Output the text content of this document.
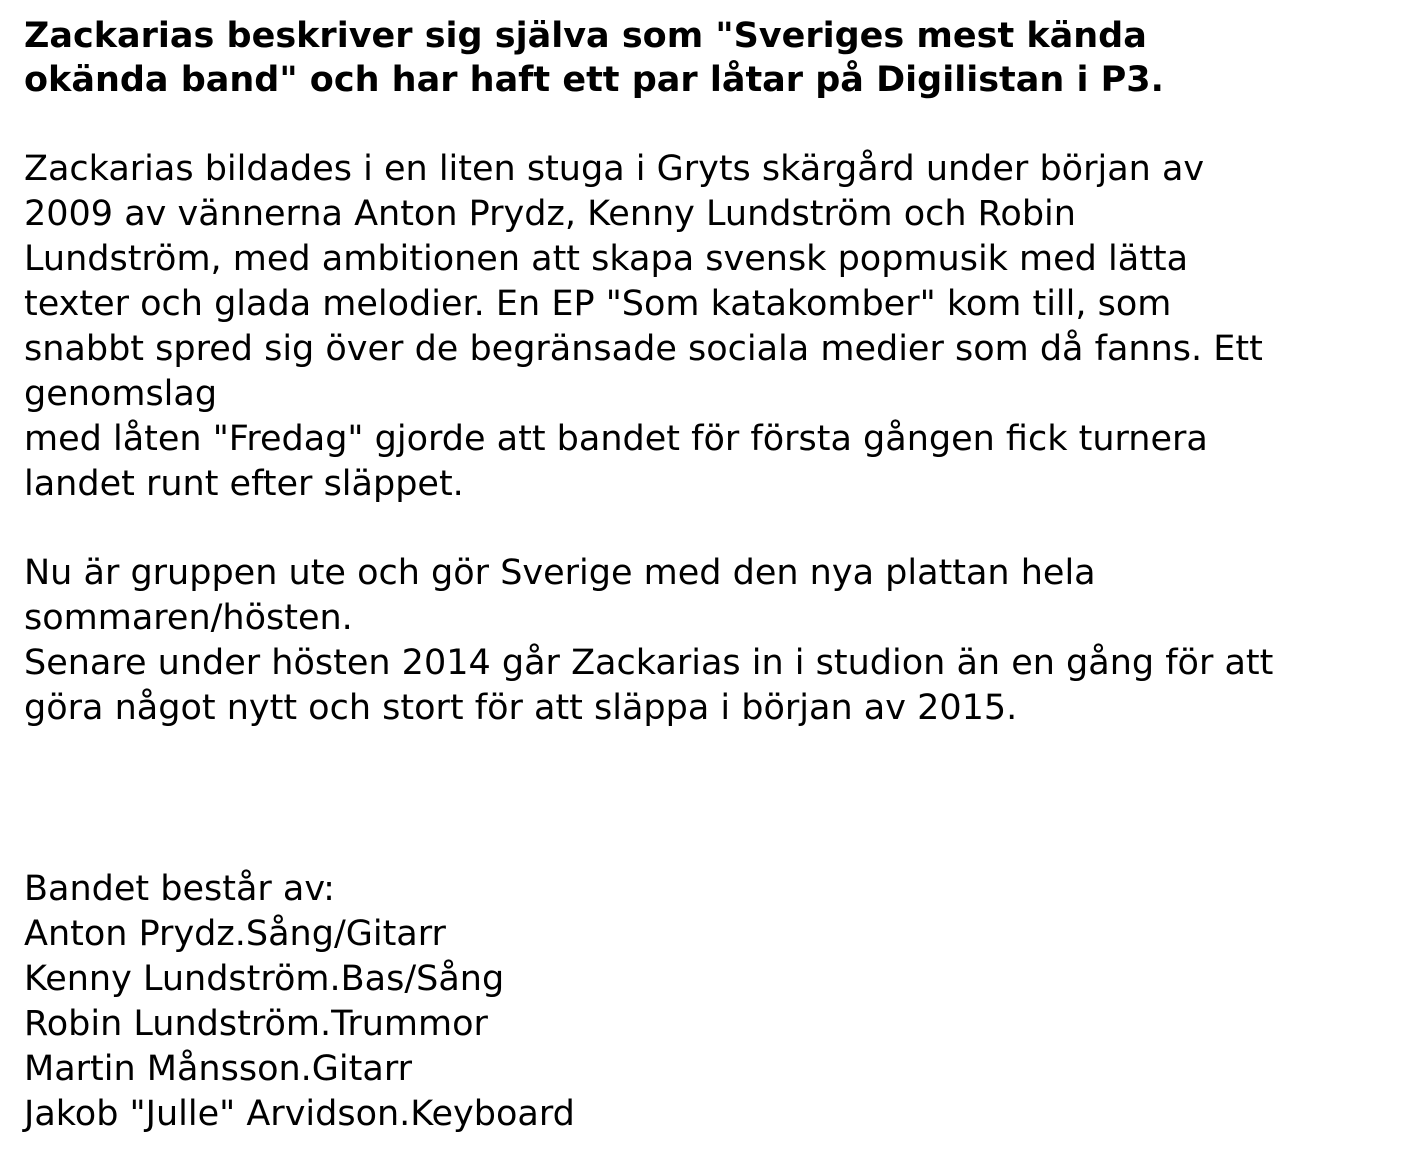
Zackarias beskriver sig själva som "Sveriges mest kända
okända band" och har haft ett par låtar på Digilistan i P3.

Zackarias bildades i en liten stuga i Gryts skärgård under början av
2009 av vännerna Anton Prydz, Kenny Lundström och Robin
Lundström, med ambitionen att skapa svensk popmusik med lätta
texter och glada melodier. En EP "Som katakomber" kom till, som
snabbt spred sig över de begränsade sociala medier som då fanns. Ett
genomslag
med låten "Fredag" gjorde att bandet för första gången fick turnera
landet runt efter släppet.

Nu är gruppen ute och gör Sverige med den nya plattan hela
sommaren/hösten.
Senare under hösten 2014 går Zackarias in i studion än en gång för att
göra något nytt och stort för att släppa i början av 2015.

Bandet består av:

Anton Prydz.Sång/Gitarr
Kenny Lundström.Bas/Sång
Robin Lundström.Trummor
Martin Månsson.Gitarr
Jakob "Julle" Arvidson.Keyboard
